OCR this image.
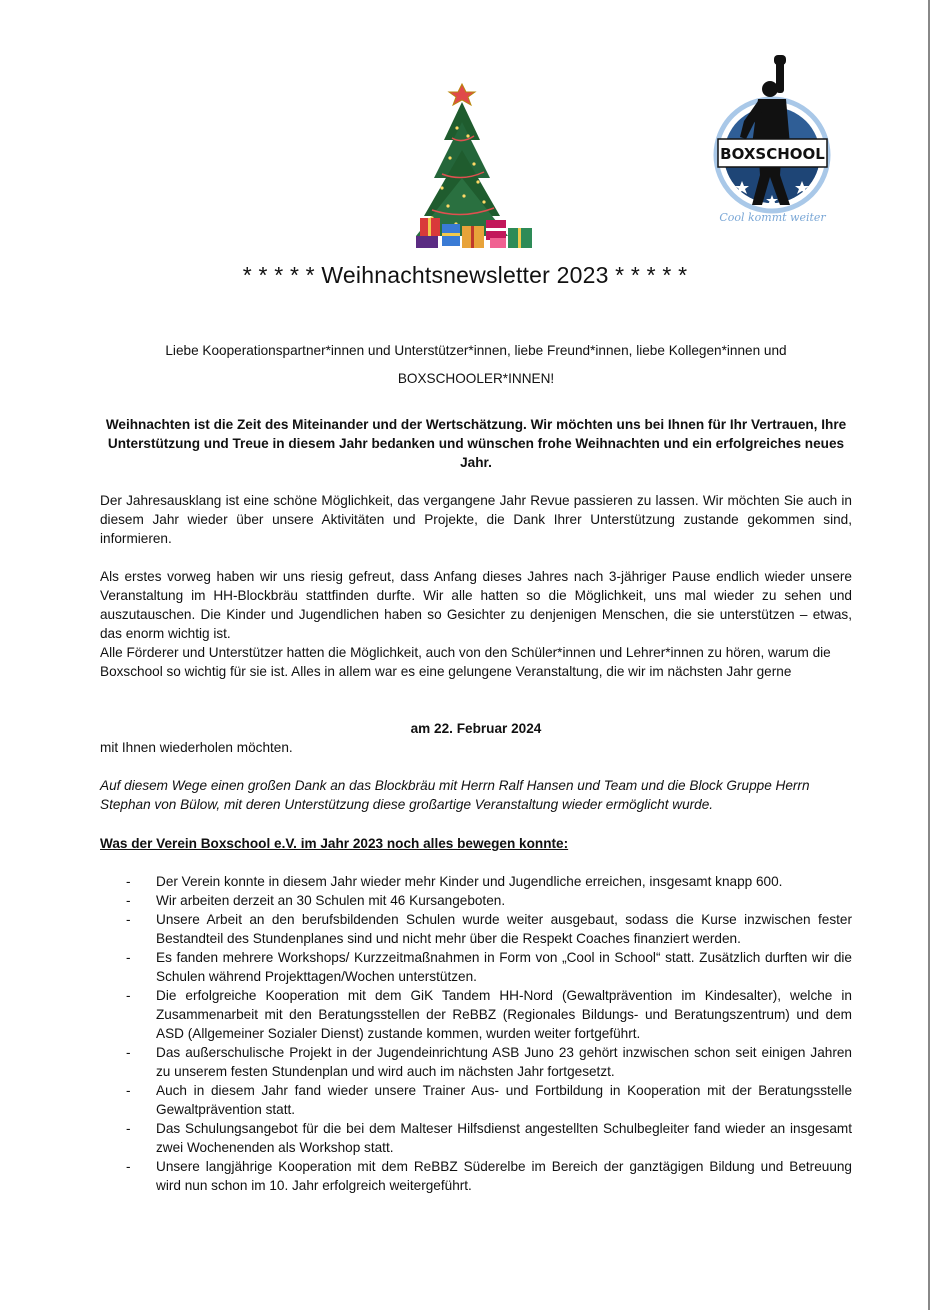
BOXSCHOOL
Cool kommt weiter
* * * * * Weihnachtsnewsletter 2023 * * * * *
Liebe Kooperationspartner*innen und Unterstützer*innen, liebe Freund*innen, liebe Kollegen*innen und
BOXSCHOOLER*INNEN!
Weihnachten ist die Zeit des Miteinander und der Wertschätzung. Wir möchten uns bei Ihnen für Ihr Vertrauen, Ihre Unterstützung und Treue in diesem Jahr bedanken und wünschen frohe Weihnachten und ein erfolgreiches neues Jahr.
Der Jahresausklang ist eine schöne Möglichkeit, das vergangene Jahr Revue passieren zu lassen. Wir möchten Sie auch in diesem Jahr wieder über unsere Aktivitäten und Projekte, die Dank Ihrer Unterstützung zustande gekommen sind, informieren.
Als erstes vorweg haben wir uns riesig gefreut, dass Anfang dieses Jahres nach 3-jähriger Pause endlich wieder unsere Veranstaltung im HH-Blockbräu stattfinden durfte. Wir alle hatten so die Möglichkeit, uns mal wieder zu sehen und auszutauschen. Die Kinder und Jugendlichen haben so Gesichter zu denjenigen Menschen, die sie unterstützen – etwas, das enorm wichtig ist.
Alle Förderer und Unterstützer hatten die Möglichkeit, auch von den Schüler*innen und Lehrer*innen zu hören, warum die Boxschool so wichtig für sie ist. Alles in allem war es eine gelungene Veranstaltung, die wir im nächsten Jahr gerne
am 22. Februar 2024
mit Ihnen wiederholen möchten.
Auf diesem Wege einen großen Dank an das Blockbräu mit Herrn Ralf Hansen und Team und die Block Gruppe Herrn Stephan von Bülow, mit deren Unterstützung diese großartige Veranstaltung wieder ermöglicht wurde.
Was der Verein Boxschool e.V. im Jahr 2023 noch alles bewegen konnte:
- Der Verein konnte in diesem Jahr wieder mehr Kinder und Jugendliche erreichen, insgesamt knapp 600.
- Wir arbeiten derzeit an 30 Schulen mit 46 Kursangeboten.
- Unsere Arbeit an den berufsbildenden Schulen wurde weiter ausgebaut, sodass die Kurse inzwischen fester Bestandteil des Stundenplanes sind und nicht mehr über die Respekt Coaches finanziert werden.
- Es fanden mehrere Workshops/ Kurzzeitmaßnahmen in Form von „Cool in School“ statt. Zusätzlich durften wir die Schulen während Projekttagen/Wochen unterstützen.
- Die erfolgreiche Kooperation mit dem GiK Tandem HH-Nord (Gewaltprävention im Kindesalter), welche in Zusammenarbeit mit den Beratungsstellen der ReBBZ (Regionales Bildungs- und Beratungszentrum) und dem ASD (Allgemeiner Sozialer Dienst) zustande kommen, wurden weiter fortgeführt.
- Das außerschulische Projekt in der Jugendeinrichtung ASB Juno 23 gehört inzwischen schon seit einigen Jahren zu unserem festen Stundenplan und wird auch im nächsten Jahr fortgesetzt.
- Auch in diesem Jahr fand wieder unsere Trainer Aus- und Fortbildung in Kooperation mit der Beratungsstelle Gewaltprävention statt.
- Das Schulungsangebot für die bei dem Malteser Hilfsdienst angestellten Schulbegleiter fand wieder an insgesamt zwei Wochenenden als Workshop statt.
- Unsere langjährige Kooperation mit dem ReBBZ Süderelbe im Bereich der ganztägigen Bildung und Betreuung wird nun schon im 10. Jahr erfolgreich weitergeführt.
